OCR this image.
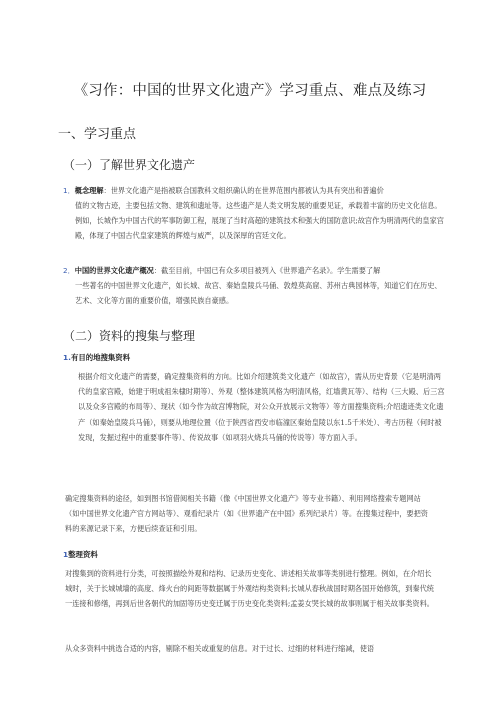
《习作：中国的世界文化遗产》学习重点、难点及练习
一、学习重点
（一）了解世界文化遗产
1．概念理解：世界文化遗产是指被联合国教科文组织确认的在世界范围内都被认为具有突出和普遍价
值的文物古迹，主要包括文物、建筑和遗址等。这些遗产是人类文明发展的重要见证，承载着丰富的历史文化信息。例如，长城作为中国古代的军事防御工程，展现了当时高超的建筑技术和强大的国防意识;故宫作为明清两代的皇家宫殿，体现了中国古代皇家建筑的辉煌与威严，以及深厚的宫廷文化。
2．中国的世界文化遗产概况：截至目前，中国已有众多项目被列入《世界遗产名录》。学生需要了解
一些著名的中国世界文化遗产，如长城、故宫、秦始皇陵兵马俑、敦煌莫高窟、苏州古典园林等，知道它们在历史、艺术、文化等方面的重要价值，增强民族自豪感。
（二）资料的搜集与整理
1.有目的地搜集资料
根据介绍文化遗产的需要，确定搜集资料的方向。比如介绍建筑类文化遗产（如故宫），需从历史背景（它是明清两代的皇家宫殿，始建于明成祖朱棣时期等）、外观（整体建筑风格为明清风格，红墙黄瓦等）、结构（三大殿、后三宫以及众多宫殿的布局等）、现状（如今作为故宫博物院，对公众开放展示文物等）等方面搜集资料;介绍遗迹类文化遗产（如秦始皇陵兵马俑），则要从地理位置（位于陕西省西安市临潼区秦始皇陵以东1.5千米处）、考古历程（何时被发现，发掘过程中的重要事件等）、传说故事（如项羽火烧兵马俑的传说等）等方面入手。
确定搜集资料的途径，如到图书馆借阅相关书籍（像《中国世界文化遗产》等专业书籍）、利用网络搜索专题网站（如中国世界文化遗产官方网站等）、观看纪录片（如《世界遗产在中国》系列纪录片）等。在搜集过程中，要把资料的来源记录下来，方便后续查证和引用。
1整理资料
对搜集到的资料进行分类，可按照描绘外观和结构、记录历史变化、讲述相关故事等类别进行整理。例如，在介绍长城时，关于长城城墙的高度、烽火台的间距等数据属于外观结构类资料;长城从春秋战国时期各国开始修筑，到秦代统一连接和修缮，再到后世各朝代的加固等历史变迁属于历史变化类资料;孟姜女哭长城的故事则属于相关故事类资料。
从众多资料中挑选合适的内容，剔除不相关或重复的信息。对于过长、过细的材料进行缩减，使语
